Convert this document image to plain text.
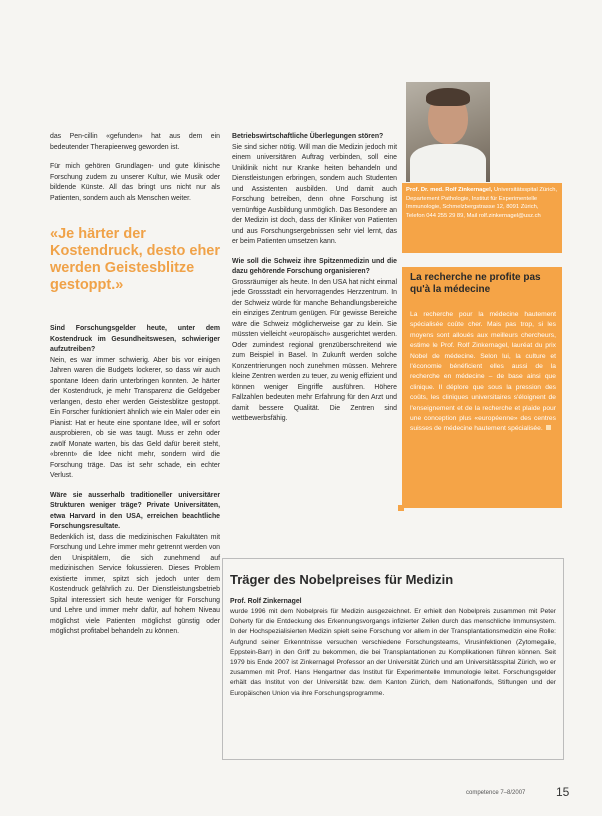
das Pen-cillin «gefunden» hat aus dem ein bedeutender Therapieerweg geworden ist.

Für mich gehören Grundlagen- und gute klinische Forschung zudem zu unserer Kultur, wie Musik oder bildende Künste. All das bringt uns nicht nur als Patienten, sondern auch als Menschen weiter.

«Je härter der Kostendruck, desto eher werden Geistesblitze gestoppt.»

Sind Forschungsgelder heute, unter dem Kostendruck im Gesundheitswesen, schwieriger aufzutreiben?
Nein, es war immer schwierig. Aber bis vor einigen Jahren waren die Budgets lockerer, so dass wir auch spontane Ideen darin unterbringen konnten. Je härter der Kostendruck, je mehr Transparenz die Geldgeber verlangen, desto eher werden Geistesblitze gestoppt. Ein Forscher funktioniert ähnlich wie ein Maler oder ein Pianist: Hat er heute eine spontane Idee, will er sofort ausprobieren, ob sie was taugt. Muss er zehn oder zwölf Monate warten, bis das Geld dafür bereit steht, «brennt» die Idee nicht mehr, sondern wird die Forschung träge. Das ist sehr schade, ein echter Verlust.

Wäre sie ausserhalb traditioneller universitärer Strukturen weniger träge? Private Universitäten, etwa Harvard in den USA, erreichen beachtliche Forschungsresultate.
Bedenklich ist, dass die medizinischen Fakultäten mit Forschung und Lehre immer mehr getrennt werden von den Unispitälern, die sich zunehmend auf medizinischen Service fokussieren. Dieses Problem existierte immer, spitzt sich jedoch unter dem Kostendruck gefährlich zu. Der Dienstleistungsbetrieb Spital interessiert sich heute weniger für Forschung und Lehre und immer mehr dafür, auf hohem Niveau möglichst viele Patienten möglichst günstig oder möglichst profitabel behandeln zu können.

Betriebswirtschaftliche Überlegungen stören?
Sie sind sicher nötig. Will man die Medizin jedoch mit einem universitären Auftrag verbinden, soll eine Uniklinik nicht nur Kranke heiten behandeln und Dienstleistungen erbringen, sondern auch Studenten und Assistenten ausbilden. Und damit auch Forschung betreiben, denn ohne Forschung ist vernünftige Ausbildung unmöglich. Das Besondere an der Medizin ist doch, dass der Kliniker von Patienten und aus Forschungsergebnissen sehr viel lernt, das er beim Patienten umsetzen kann.

Wie soll die Schweiz ihre Spitzenmedizin und die dazu gehörende Forschung organisieren?
Grossräumiger als heute. In den USA hat nicht einmal jede Grossstadt ein hervorragendes Herzzentrum. In der Schweiz würde für manche Behandlungsbereiche ein einziges Zentrum genügen. Für gewisse Bereiche wäre die Schweiz möglicherweise gar zu klein. Sie müssten vielleicht «europäisch» ausgerichtet werden. Oder zumindest regional grenzüberschreitend wie zum Beispiel in Basel. In Zukunft werden solche Konzentrierungen noch zunehmen müssen. Mehrere kleine Zentren werden zu teuer, zu wenig effizient und können weniger Eingriffe ausführen. Höhere Fallzahlen bedeuten mehr Erfahrung für den Arzt und damit bessere Qualität. Die Zentren sind wettbewerbsfähig.

Prof. Dr. med. Rolf Zinkernagel, Universitätsspital Zürich, Departement Pathologie, Institut für Experimentelle Immunologie, Schmelzbergstrasse 12, 8091 Zürich, Telefon 044 255 29 89, Mail rolf.zinkernagel@usz.ch
La recherche ne profite pas qu'à la médecine
La recherche pour la médecine hautement spécialisée coûte cher. Mais pas trop, si les moyens sont alloués aux meilleurs chercheurs, estime le Prof. Rolf Zinkernagel, lauréat du prix Nobel de médecine. Selon lui, la culture et l'économie bénéficient elles aussi de la recherche en médecine – de base ainsi que clinique. Il déplore que sous la pression des coûts, les cliniques universitaires s'éloignent de l'enseignement et de la recherche et plaide pour une conception plus «européenne» des centres suisses de médecine hautement spécialisée.
Träger des Nobelpreises für Medizin
Prof. Rolf Zinkernagel
wurde 1996 mit dem Nobelpreis für Medizin ausgezeichnet. Er erhielt den Nobelpreis zusammen mit Peter Doherty für die Entdeckung des Erkennungsvorgangs infizierter Zellen durch das menschliche Immunsystem. In der Hochspezialisierten Medizin spielt seine Forschung vor allem in der Transplantationsmedizin eine Rolle: Aufgrund seiner Erkenntnisse versuchen verschiedene Forschungsteams, Virusinfektionen (Zytomegalie, Eppstein-Barr) in den Griff zu bekommen, die bei Transplantationen zu Komplikationen führen können. Seit 1979 bis Ende 2007 ist Zinkernagel Professor an der Universität Zürich und am Universitätsspital Zürich, wo er zusammen mit Prof. Hans Hengartner das Institut für Experimentelle Immunologie leitet. Forschungsgelder erhält das Institut von der Universität bzw. dem Kanton Zürich, dem Nationalfonds, Stiftungen und der Europäischen Union via ihre Forschungsprogramme.
competence 7–8/2007	15
